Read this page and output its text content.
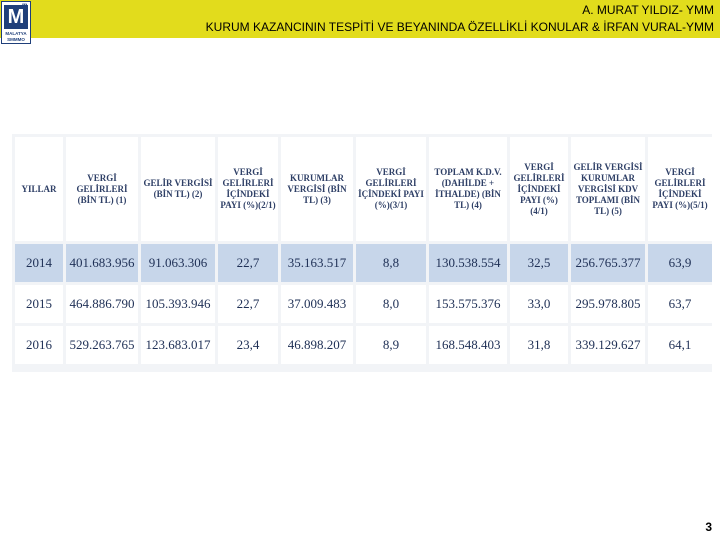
M
m
MALATYA
SMMMO
A. MURAT YILDIZ- YMM
KURUM KAZANCININ TESPİTİ VE BEYANINDA ÖZELLİKLİ KONULAR & İRFAN VURAL-YMM
YILLAR	VERGİ GELİRLERİ (BİN TL) (1)	GELİR VERGİSİ (BİN TL) (2)	VERGİ GELİRLERİ İÇİNDEKİ PAYI (%)(2/1)	KURUMLAR VERGİSİ (BİN TL) (3)	VERGİ GELİRLERİ İÇİNDEKİ PAYI (%)(3/1)	TOPLAM K.D.V. (DAHİLDE + İTHALDE) (BİN TL) (4)	VERGİ GELİRLERİ İÇİNDEKİ PAYI (%)(4/1)	GELİR VERGİSİ KURUMLAR VERGİSİ KDV TOPLAMI (BİN TL) (5)	VERGİ GELİRLERİ İÇİNDEKİ PAYI (%)(5/1)
2014	401.683.956	91.063.306	22,7	35.163.517	8,8	130.538.554	32,5	256.765.377	63,9
2015	464.886.790	105.393.946	22,7	37.009.483	8,0	153.575.376	33,0	295.978.805	63,7
2016	529.263.765	123.683.017	23,4	46.898.207	8,9	168.548.403	31,8	339.129.627	64,1
3
